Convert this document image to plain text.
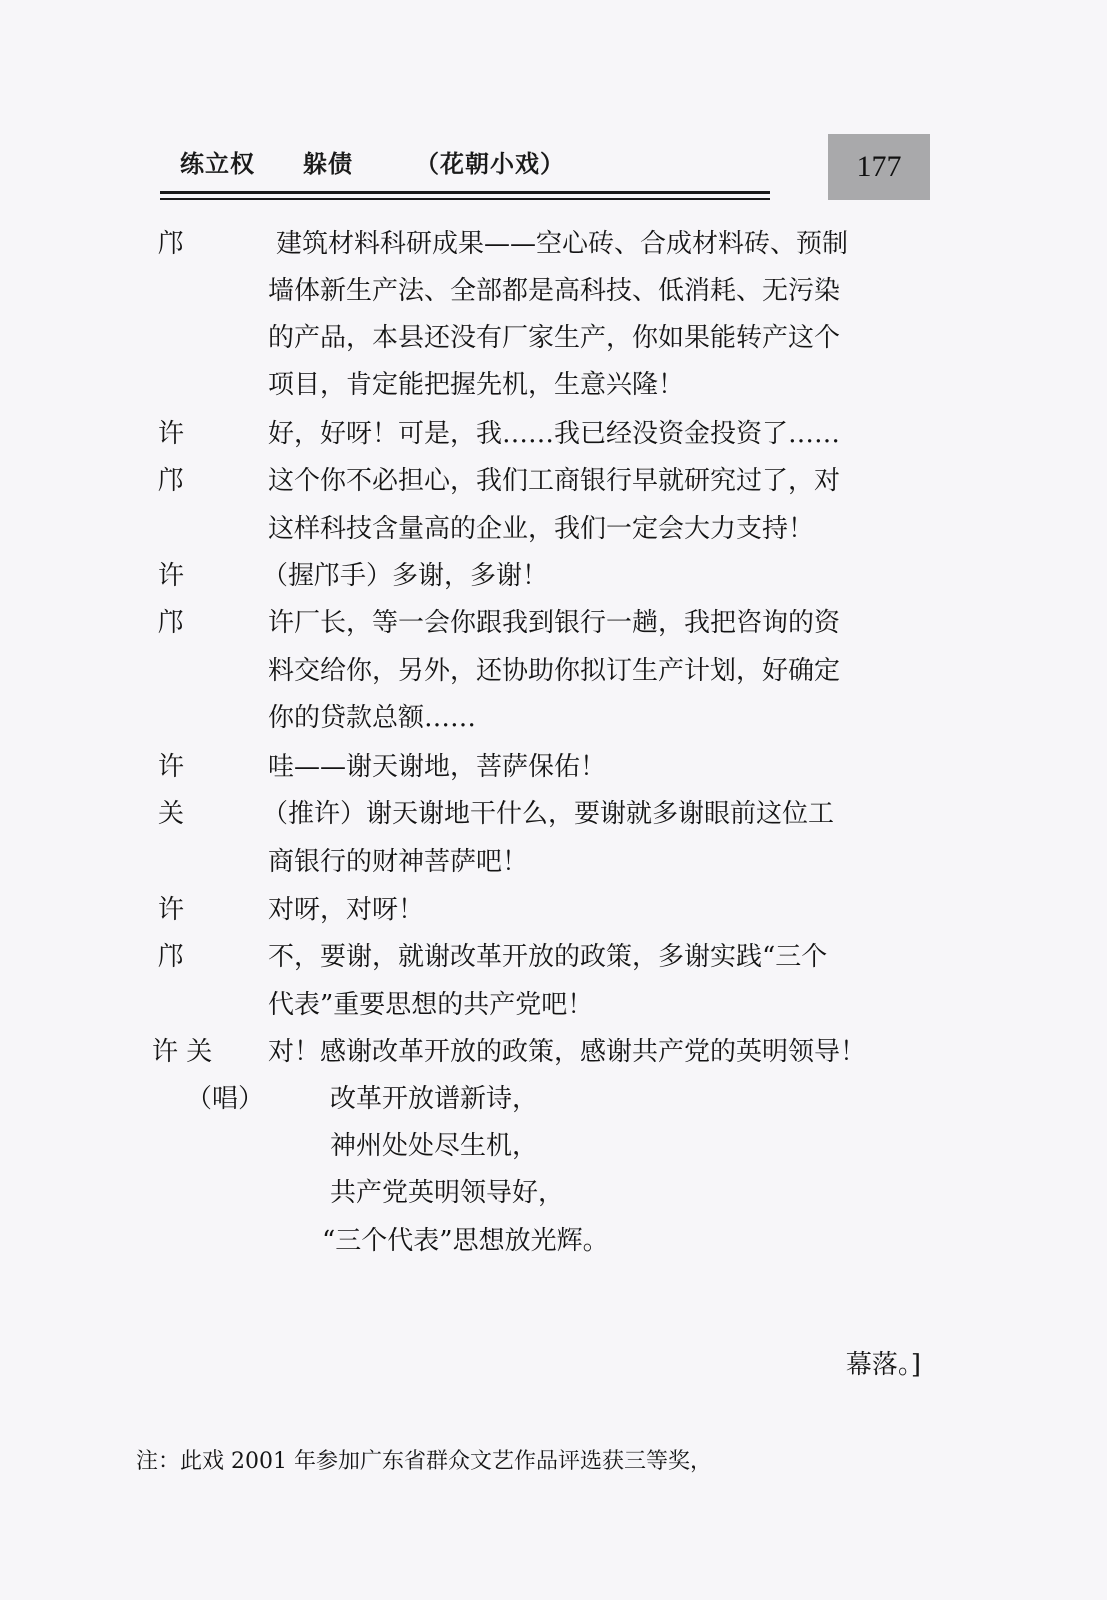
练立权 躲债	（花朝小戏）	177
邝	建筑材料科研成果——空心砖、合成材料砖、预制
墙体新生产法、全部都是高科技、低消耗、无污染
的产品，本县还没有厂家生产，你如果能转产这个
项目，肯定能把握先机，生意兴隆！
许	好，好呀！可是，我……我已经没资金投资了……
邝	这个你不必担心，我们工商银行早就研究过了，对
这样科技含量高的企业，我们一定会大力支持！
许	（握邝手）多谢，多谢！
邝	许厂长，等一会你跟我到银行一趟，我把咨询的资
料交给你，另外，还协助你拟订生产计划，好确定
你的贷款总额……
许	哇——谢天谢地，菩萨保佑！
关	（推许）谢天谢地干什么，要谢就多谢眼前这位工
商银行的财神菩萨吧！
许	对呀，对呀！
邝	不，要谢，就谢改革开放的政策，多谢实践“三个
代表”重要思想的共产党吧！
许 关 对！感谢改革开放的政策，感谢共产党的英明领导！
（唱）	改革开放谱新诗，
神州处处尽生机，
共产党英明领导好，
“三个代表”思想放光辉。
幕落。]
注：此戏 2001 年参加广东省群众文艺作品评选获三等奖，
